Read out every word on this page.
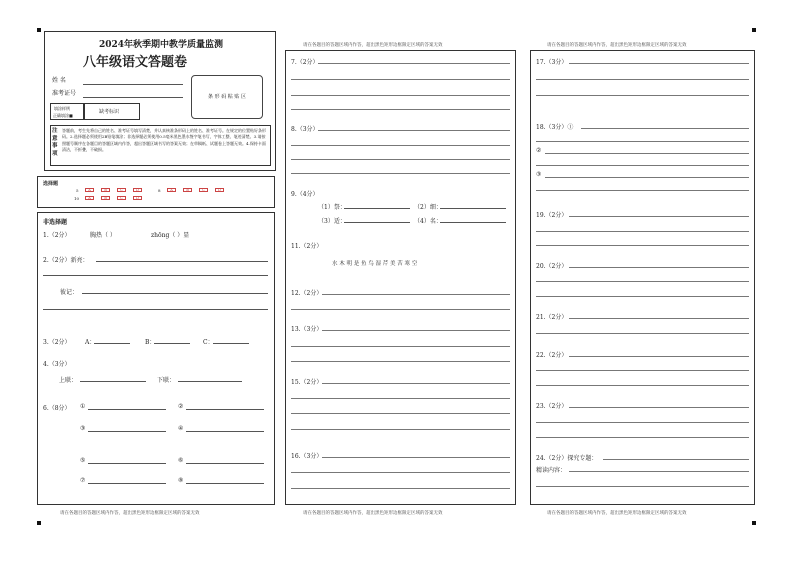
请在各题目的答题区域内作答，超出黑色矩形边框限定区域的答案无效	请在各题目的答题区域内作答，超出黑色矩形边框限定区域的答案无效
请在各题目的答题区域内作答，超出黑色矩形边框限定区域的答案无效	请在各题目的答题区域内作答，超出黑色矩形边框限定区域的答案无效	请在各题目的答题区域内作答，超出黑色矩形边框限定区域的答案无效
2024年秋季期中教学质量监测
八年级语文答题卷
姓 名
准考证号	条 形 码 粘 贴 区
填涂样例
正确填涂■
缺考标识
注意事项
答题前，考生先将自己的姓名、准考证号填写清楚，并认真核准条形码上的姓名、准考证号。在规定的位置贴好条形码。2.选择题必须使用2B铅笔填涂；非选择题必须使用0.5毫米黑色墨水签字笔书写，字体工整、笔迹清楚。3.请按照题号顺序在各题目的答题区域内作答，超出答题区域书写的答案无效；在草稿纸、试题卷上答题无效。4.保持卡面清洁，不折叠，不破损。
选择题
5	A	B	C	D
10	A	B	C	D
8	A	B	C	D
非选择题
1.（2分）	胸热（ ）	zhōng（ ）显
2.（2分）新亮：
彼记：
3.（2分） A：	B：	C：
4.（3分）
上联：	下联：
6.（8分） ①	②
③	④
⑤	⑥
⑦	⑧
7.（2分）
8.（3分）
9.（4分）
（1）祭：	（2）细：
（3）适：	（4）名：
11.（2分）
水 木 明 是 鱼 鸟 湿 芹 美 苦 寒 空
12.（2分）
13.（3分）
15.（2分）
16.（3分）
17.（3分）
18.（3分）①
②
③
19.（2分）
20.（2分）
21.（2分）
22.（2分）
23.（2分）
24.（2分）探究专题：
精读内容：
